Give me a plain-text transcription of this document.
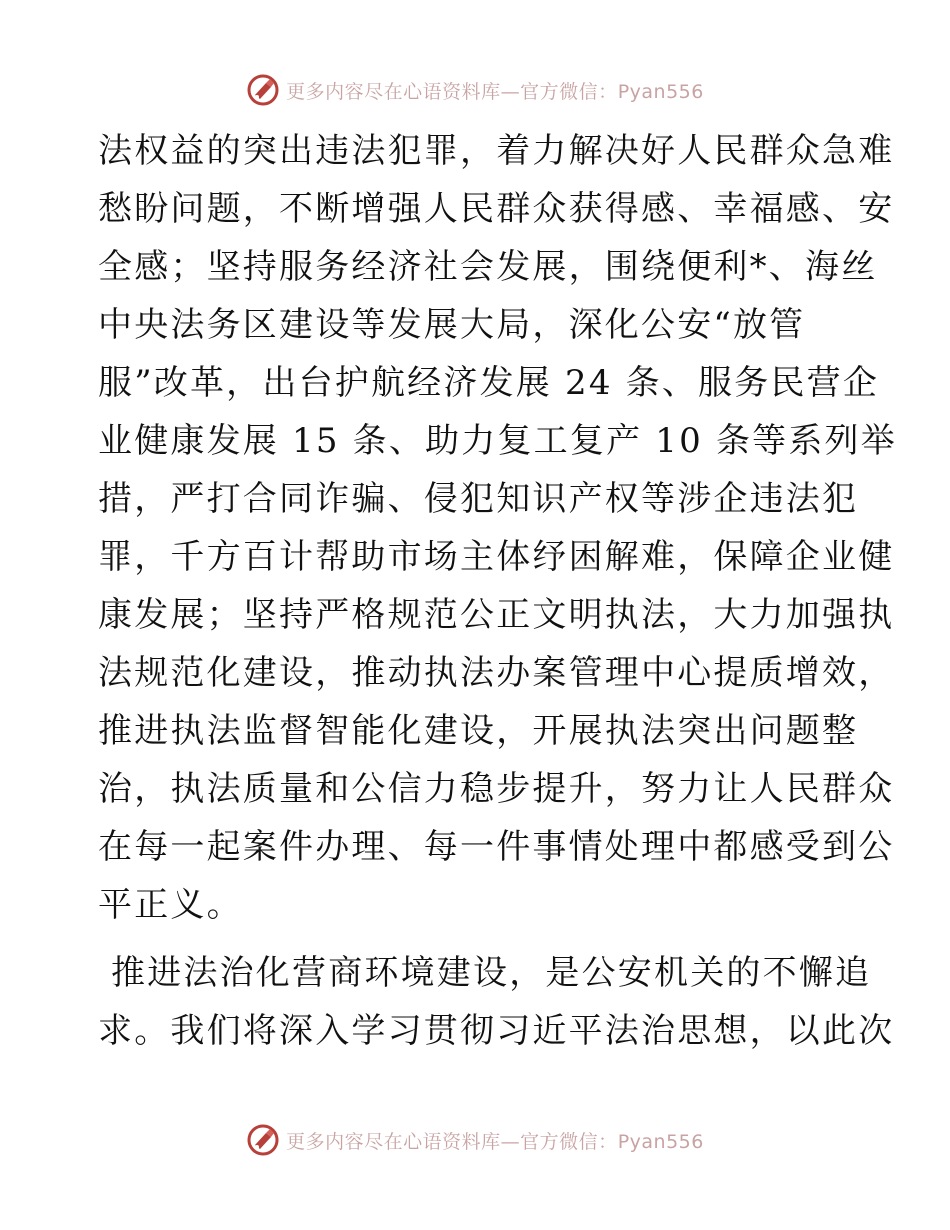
更多内容尽在心语资料库—官方微信：Pyan556
法权益的突出违法犯罪，着力解决好人民群众急难
愁盼问题，不断增强人民群众获得感、幸福感、安
全感；坚持服务经济社会发展，围绕便利*、海丝
中央法务区建设等发展大局，深化公安“放管
服”改革，出台护航经济发展 24 条、服务民营企
业健康发展 15 条、助力复工复产 10 条等系列举
措，严打合同诈骗、侵犯知识产权等涉企违法犯
罪，千方百计帮助市场主体纾困解难，保障企业健
康发展；坚持严格规范公正文明执法，大力加强执
法规范化建设，推动执法办案管理中心提质增效，
推进执法监督智能化建设，开展执法突出问题整
治，执法质量和公信力稳步提升，努力让人民群众
在每一起案件办理、每一件事情处理中都感受到公
平正义。
推进法治化营商环境建设，是公安机关的不懈追
求。我们将深入学习贯彻习近平法治思想，以此次
更多内容尽在心语资料库—官方微信：Pyan556
